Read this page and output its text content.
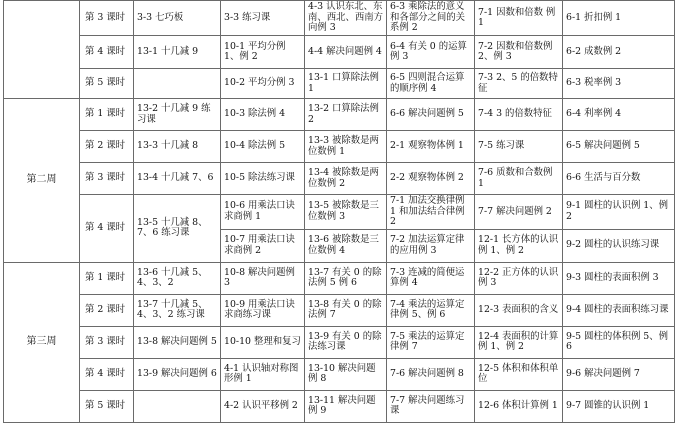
	第 3 课时	3-3 七巧板	3-3 练习课	4-3 认识东北、东南、西北、西南方向例 3	6-3 乘除法的意义和各部分之间的关系例 2	7-1 因数和倍数 例 1	6-1 折扣例 1
	第 4 课时	13-1 十几减 9	10-1 平均分例 1、例 2	4-4 解决问题例 4	6-4 有关 0 的运算例 3	7-2 因数和倍数例 2、例 3	6-2 成数例 2
	第 5 课时		10-2 平均分例 3	13-1 口算除法例 1	6-5 四则混合运算的顺序例 4	7-3 2、5 的倍数特征	6-3 税率例 3
第二周	第 1 课时	13-2 十几减 9 练习课	10-3 除法例 4	13-2 口算除法例 2	6-6 解决问题例 5	7-4 3 的倍数特征	6-4 利率例 4
	第 2 课时	13-3 十几减 8	10-4 除法例 5	13-3 被除数是两位数例 1	2-1 观察物体例 1	7-5 练习课	6-5 解决问题例 5
	第 3 课时	13-4 十几减 7、6	10-5 除法练习课	13-4 被除数是两位数例 2	2-2 观察物体例 2	7-6 质数和合数例 1	6-6 生活与百分数
	第 4 课时	13-5 十几减 8、7、6 练习课	10-6 用乘法口诀求商例 1	13-5 被除数是三位数例 3	7-1 加法交换律例 1 和加法结合律例 2	7-7 解决问题例 2	9-1 圆柱的认识例 1、例 2
			10-7 用乘法口诀求商例 2	13-6 被除数是三位数例 4	7-2 加法运算定律的应用例 3	12-1 长方体的认识例 1、例 2	9-2 圆柱的认识练习课
第三周	第 1 课时	13-6 十几减 5、4、3、2	10-8 解决问题例 3	13-7 有关 0 的除法例 5 例 6	7-3 连减的简便运算例 4	12-2 正方体的认识例 3	9-3 圆柱的表面积例 3
	第 2 课时	13-7 十几减 5、4、3、2 练习课	10-9 用乘法口诀求商练习课	13-8 有关 0 的除法例 7	7-4 乘法的运算定律例 5、例 6	12-3 表面积的含义	9-4 圆柱的表面积练习课
	第 3 课时	13-8 解决问题例 5	10-10 整理和复习	13-9 有关 0 的除法练习课	7-5 乘法的运算定律例 7	12-4 表面积的计算例 1、例 2	9-5 圆柱的体积例 5、例 6
	第 4 课时	13-9 解决问题例 6	4-1 认识轴对称图形例 1	13-10 解决问题例 8	7-6 解决问题例 8	12-5 体积和体积单位	9-6 解决问题例 7
	第 5 课时		4-2 认识平移例 2	13-11 解决问题例 9	7-7 解决问题练习课	12-6 体积计算例 1	9-7 圆锥的认识例 1
